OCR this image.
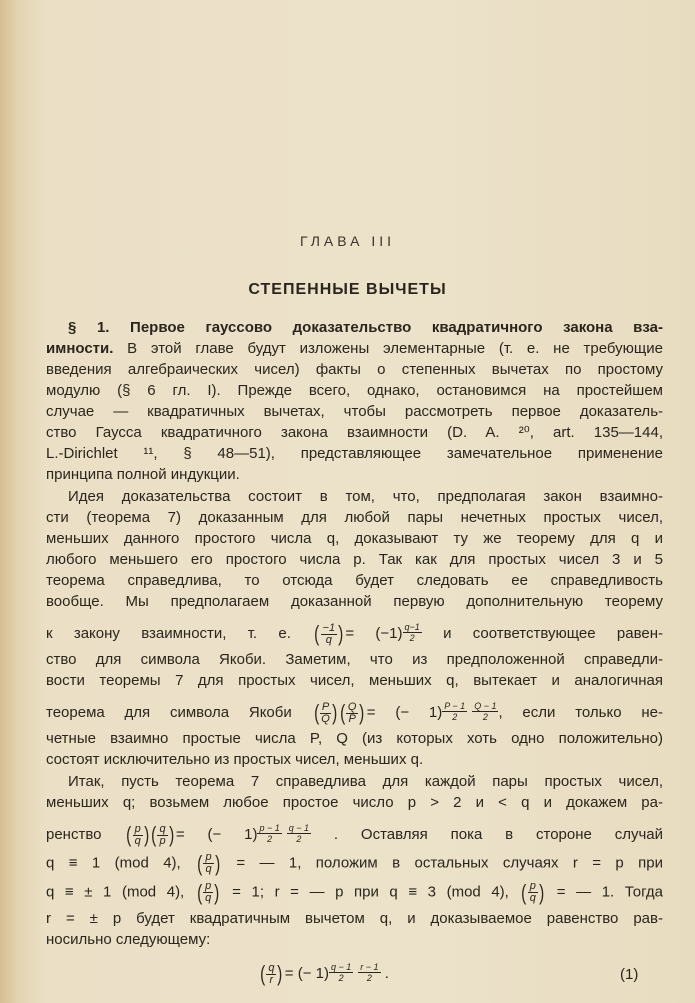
ГЛАВА III
СТЕПЕННЫЕ ВЫЧЕТЫ
§ 1. Первое гауссово доказательство квадратичного закона вза-
имности. В этой главе будут изложены элементарные (т. е. не требующие
введения алгебраических чисел) факты о степенных вычетах по простому
модулю (§ 6 гл. I). Прежде всего, однако, остановимся на простейшем
случае — квадратичных вычетах, чтобы рассмотреть первое доказатель-
ство Гаусса квадратичного закона взаимности (D. A. ²⁰, art. 135—144,
L.-Dirichlet ¹¹, § 48—51), представляющее замечательное применение
принципа полной индукции.
Идея доказательства состоит в том, что, предполагая закон взаимно-
сти (теорема 7) доказанным для любой пары нечетных простых чисел,
меньших данного простого числа q, доказывают ту же теорему для q и
любого меньшего его простого числа p. Так как для простых чисел 3 и 5
теорема справедлива, то отсюда будет следовать ее справедливость
вообще. Мы предполагаем доказанной первую дополнительную теорему
к закону взаимности, т. е. ( $\frac{-1}{q}$ ) = $(-1) \frac{q-1}{2}$ и соответствующее равен-
ство для символа Якоби. Заметим, что из предположенной справедли-
вости теоремы 7 для простых чисел, меньших q, вытекает и аналогичная
теорема для символа Якоби ( $\frac{P}{Q}$ ) ( $\frac{Q}{P}$ ) = (− $1) \frac{P - 1}{2} \frac{Q - 1}{2}$ , если только не-
четные взаимно простые числа P, Q (из которых хоть одно положительно)
состоят исключительно из простых чисел, меньших q.
Итак, пусть теорема 7 справедлива для каждой пары простых чисел,
меньших q; возьмем любое простое число p > 2 и < q и докажем ра-
ренство ( $\frac{p}{q}$ ) ( $\frac{q}{p}$ ) = (− $1) \frac{p - 1}{2} \frac{q - 1}{2}$ . Оставляя пока в стороне случай
q ≡ 1 (mod 4), ( $\frac{p}{q}$ ) = — 1, положим в остальных случаях r = p при
q ≡ ± 1 (mod 4), ( $\frac{p}{q}$ ) = 1; r = — p при q ≡ 3 (mod 4), ( $\frac{p}{q}$ ) = — 1. Тогда
r = ± p будет квадратичным вычетом q, и доказываемое равенство рав-
носильно следующему:
( $\frac{q}{r}$ ) = (− $1) \frac{q - 1}{2} \frac{r - 1}{2}$ .	(1)
